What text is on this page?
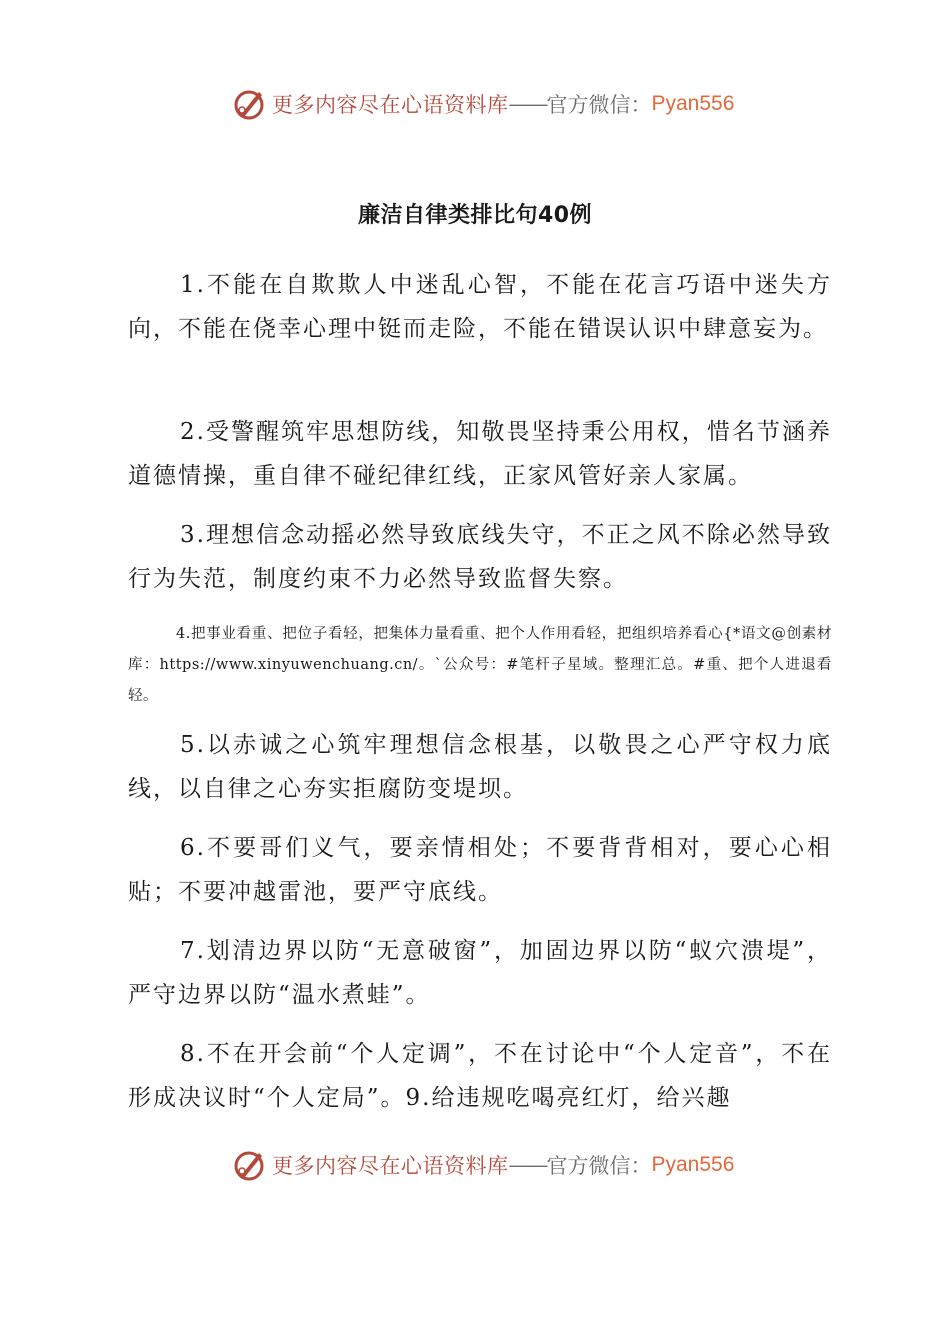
更多内容尽在心语资料库 —— 官方微信： Pyan556
廉洁自律类排比句40例

1.不能在自欺欺人中迷乱心智，不能在花言巧语中迷失方向，不能在侥幸心理中铤而走险，不能在错误认识中肆意妄为。

2.受警醒筑牢思想防线，知敬畏坚持秉公用权，惜名节涵养道德情操，重自律不碰纪律红线，正家风管好亲人家属。

3.理想信念动摇必然导致底线失守，不正之风不除必然导致行为失范，制度约束不力必然导致监督失察。

4.把事业看重、把位子看轻，把集体力量看重、把个人作用看轻，把组织培养看心{*语文@创素材库：https://www.xinyuwenchuang.cn/。`公众号：#笔杆子星域。整理汇总。#重、把个人进退看轻。

5.以赤诚之心筑牢理想信念根基，以敬畏之心严守权力底线，以自律之心夯实拒腐防变堤坝。

6.不要哥们义气，要亲情相处；不要背背相对，要心心相贴；不要冲越雷池，要严守底线。

7.划清边界以防“无意破窗”，加固边界以防“蚁穴溃堤”，严守边界以防“温水煮蛙”。

8.不在开会前“个人定调”，不在讨论中“个人定音”，不在形成决议时“个人定局”。9.给违规吃喝亮红灯，给兴趣

更多内容尽在心语资料库 —— 官方微信： Pyan556
